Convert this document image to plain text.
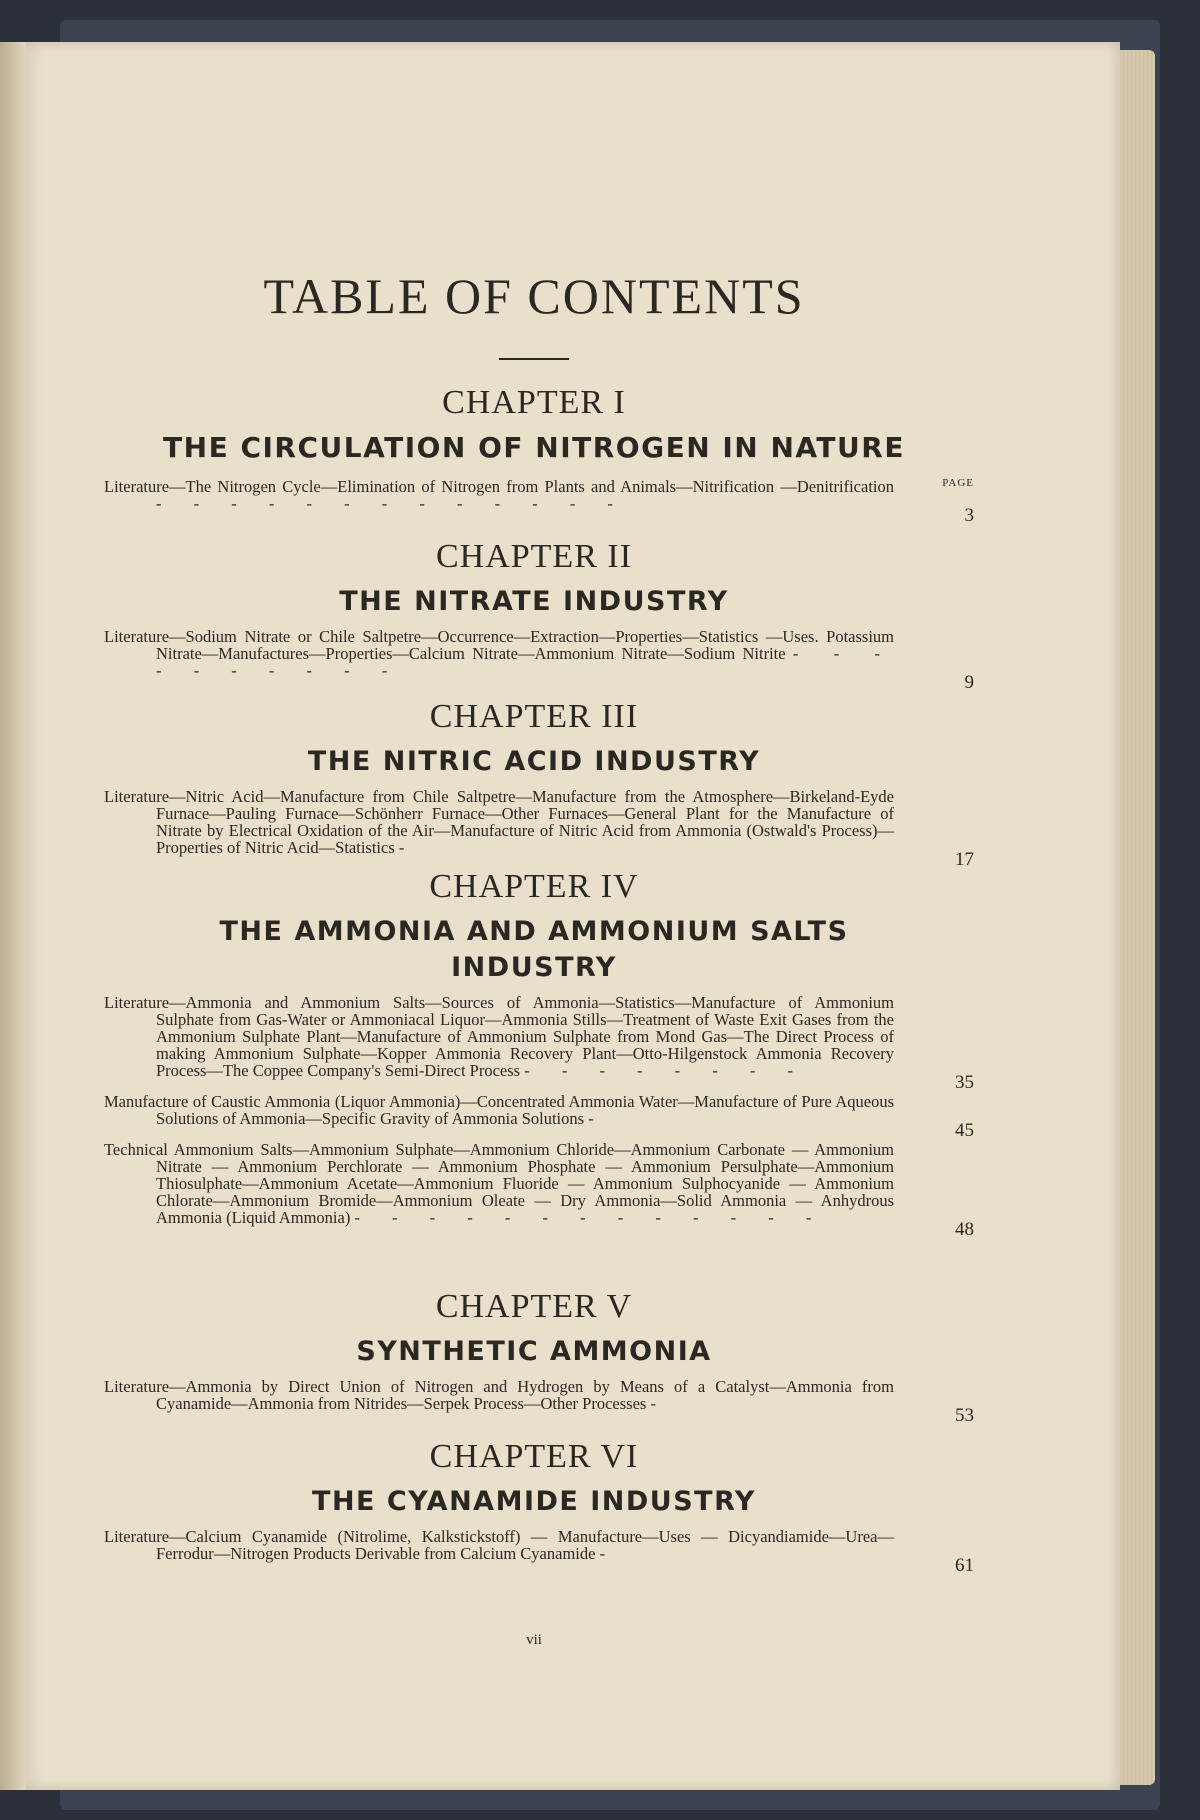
TABLE OF CONTENTS
CHAPTER I
THE CIRCULATION OF NITROGEN IN NATURE
PAGE
Literature—The Nitrogen Cycle—Elimination of Nitrogen from Plants and Animals—Nitrification —Denitrification - - - - - - - - - - - - -
3
CHAPTER II
THE NITRATE INDUSTRY
Literature—Sodium Nitrate or Chile Saltpetre—Occurrence—Extraction—Properties—Statistics —Uses. Potassium Nitrate—Manufactures—Properties—Calcium Nitrate—Ammonium Nitrate—Sodium Nitrite - - - - - - - - - -
9
CHAPTER III
THE NITRIC ACID INDUSTRY
Literature—Nitric Acid—Manufacture from Chile Saltpetre—Manufacture from the Atmosphere—Birkeland-Eyde Furnace—Pauling Furnace—Schönherr Furnace—Other Furnaces—General Plant for the Manufacture of Nitrate by Electrical Oxidation of the Air—Manufacture of Nitric Acid from Ammonia (Ostwald's Process)—Properties of Nitric Acid—Statistics -
17
CHAPTER IV
THE AMMONIA AND AMMONIUM SALTS INDUSTRY
Literature—Ammonia and Ammonium Salts—Sources of Ammonia—Statistics—Manufacture of Ammonium Sulphate from Gas-Water or Ammoniacal Liquor—Ammonia Stills—Treatment of Waste Exit Gases from the Ammonium Sulphate Plant—Manufacture of Ammonium Sulphate from Mond Gas—The Direct Process of making Ammonium Sulphate—Kopper Ammonia Recovery Plant—Otto-Hilgenstock Ammonia Recovery Process—The Coppee Company's Semi-Direct Process - - - - - - - -
35
Manufacture of Caustic Ammonia (Liquor Ammonia)—Concentrated Ammonia Water—Manufacture of Pure Aqueous Solutions of Ammonia—Specific Gravity of Ammonia Solutions -
45
Technical Ammonium Salts—Ammonium Sulphate—Ammonium Chloride—Ammonium Carbonate — Ammonium Nitrate — Ammonium Perchlorate — Ammonium Phosphate — Ammonium Persulphate—Ammonium Thiosulphate—Ammonium Acetate—Ammonium Fluoride — Ammonium Sulphocyanide — Ammonium Chlorate—Ammonium Bromide—Ammonium Oleate — Dry Ammonia—Solid Ammonia — Anhydrous Ammonia (Liquid Ammonia) - - - - - - - - - - - - -
48
CHAPTER V
SYNTHETIC AMMONIA
Literature—Ammonia by Direct Union of Nitrogen and Hydrogen by Means of a Catalyst—Ammonia from Cyanamide—Ammonia from Nitrides—Serpek Process—Other Processes -
53
CHAPTER VI
THE CYANAMIDE INDUSTRY
Literature—Calcium Cyanamide (Nitrolime, Kalkstickstoff) — Manufacture—Uses — Dicyandiamide—Urea—Ferrodur—Nitrogen Products Derivable from Calcium Cyanamide -
61
vii
